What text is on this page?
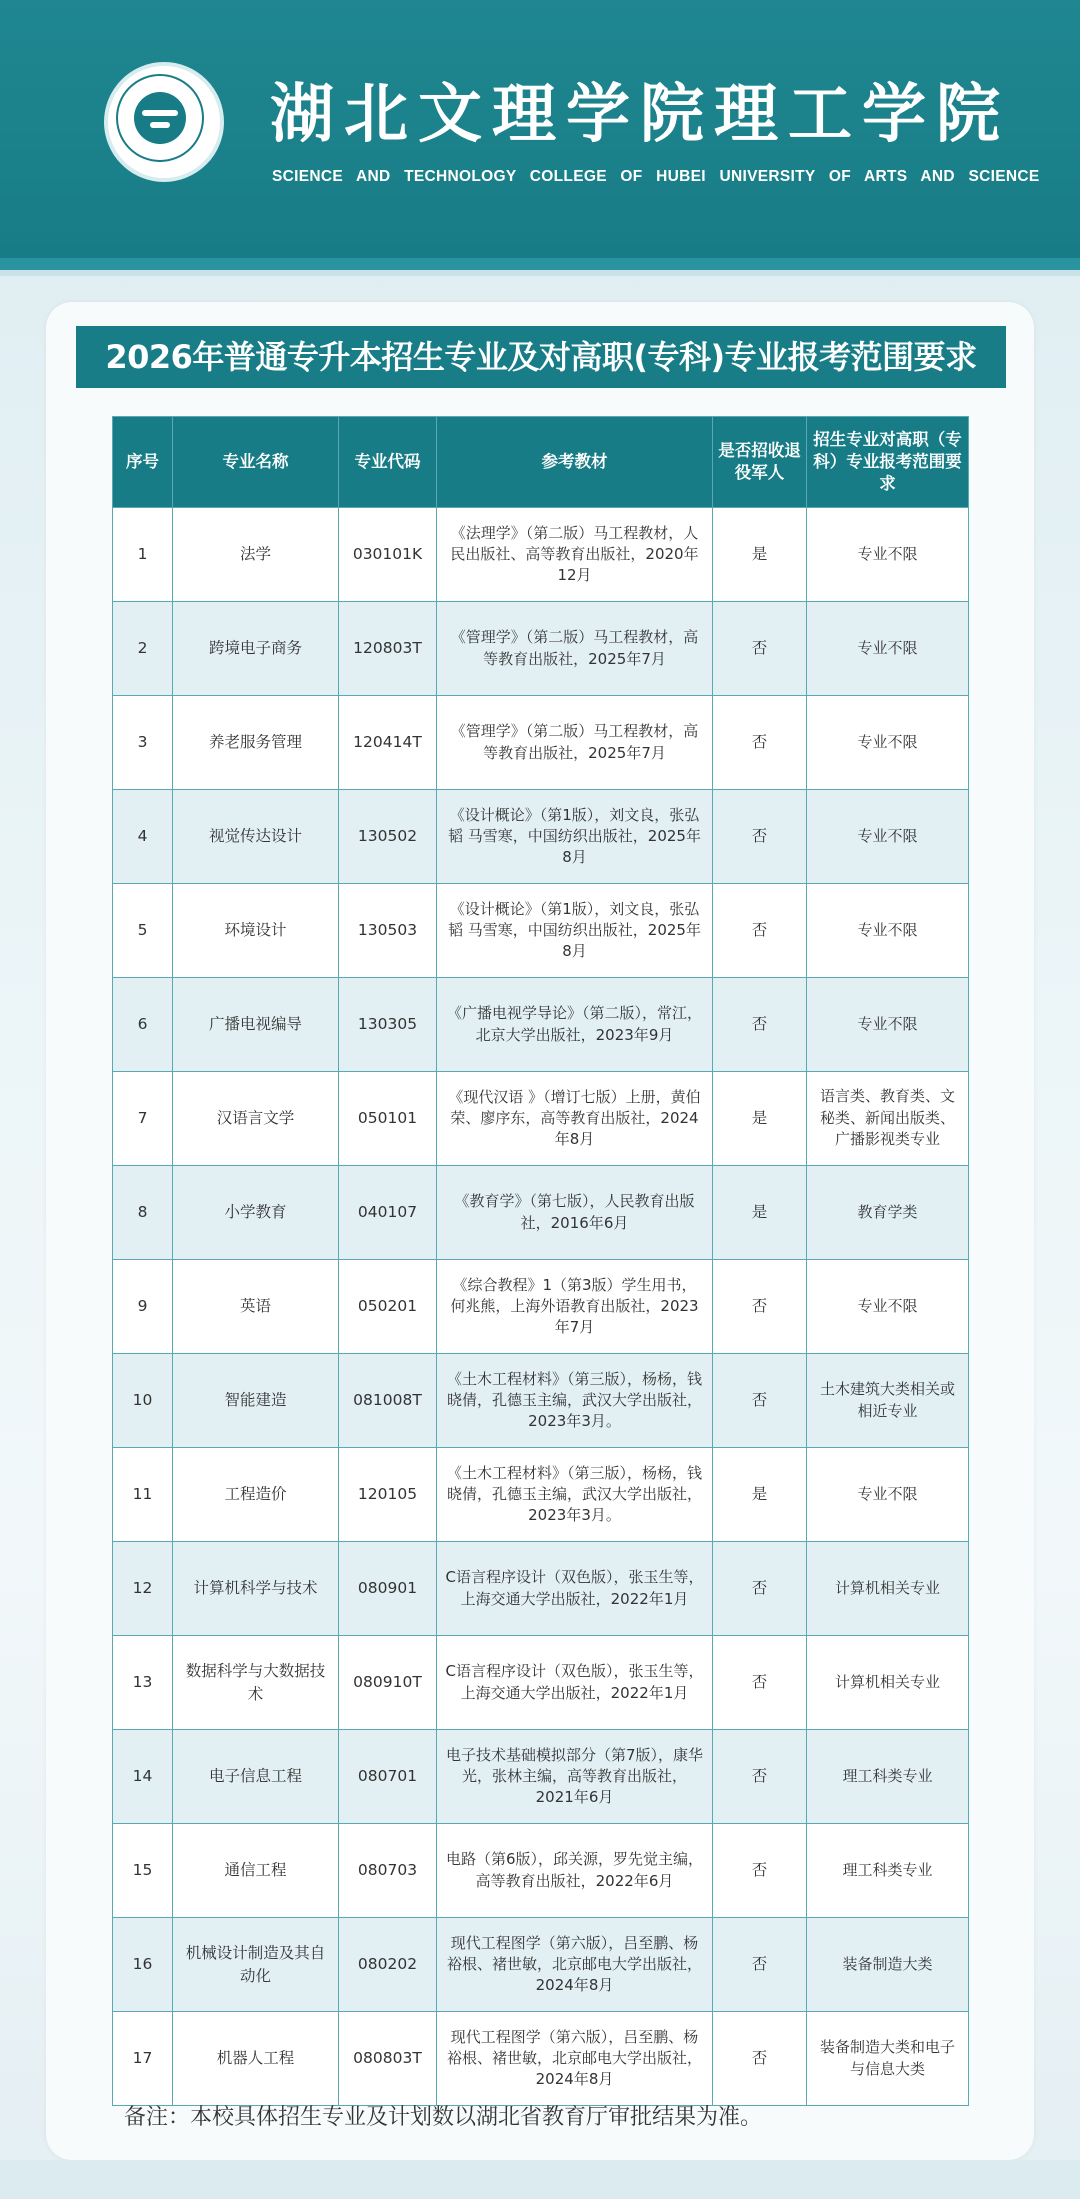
湖北文理学院理工学院
SCIENCE AND TECHNOLOGY COLLEGE OF HUBEI UNIVERSITY OF ARTS AND SCIENCE
2026年普通专升本招生专业及对高职(专科)专业报考范围要求
序号	专业名称	专业代码	参考教材	是否招收退役军人	招生专业对高职（专科）专业报考范围要求
1	法学	030101K	《法理学》（第二版）马工程教材，人民出版社、高等教育出版社，2020年12月	是	专业不限
2	跨境电子商务	120803T	《管理学》（第二版）马工程教材，高等教育出版社，2025年7月	否	专业不限
3	养老服务管理	120414T	《管理学》（第二版）马工程教材，高等教育出版社，2025年7月	否	专业不限
4	视觉传达设计	130502	《设计概论》（第1版），刘文良，张弘韬 马雪寒，中国纺织出版社，2025年8月	否	专业不限
5	环境设计	130503	《设计概论》（第1版），刘文良，张弘韬 马雪寒，中国纺织出版社，2025年8月	否	专业不限
6	广播电视编导	130305	《广播电视学导论》（第二版），常江，北京大学出版社，2023年9月	否	专业不限
7	汉语言文学	050101	《现代汉语 》（增订七版）上册，黄伯荣、廖序东，高等教育出版社，2024年8月	是	语言类、教育类、文秘类、新闻出版类、广播影视类专业
8	小学教育	040107	《教育学》（第七版），人民教育出版社，2016年6月	是	教育学类
9	英语	050201	《综合教程》1（第3版）学生用书，何兆熊，上海外语教育出版社，2023年7月	否	专业不限
10	智能建造	081008T	《土木工程材料》（第三版），杨杨，钱晓倩，孔德玉主编，武汉大学出版社，2023年3月。	否	土木建筑大类相关或相近专业
11	工程造价	120105	《土木工程材料》（第三版），杨杨，钱晓倩，孔德玉主编，武汉大学出版社，2023年3月。	是	专业不限
12	计算机科学与技术	080901	C语言程序设计（双色版），张玉生等，上海交通大学出版社，2022年1月	否	计算机相关专业
13	数据科学与大数据技术	080910T	C语言程序设计（双色版），张玉生等，上海交通大学出版社，2022年1月	否	计算机相关专业
14	电子信息工程	080701	电子技术基础模拟部分（第7版），康华光，张林主编，高等教育出版社，2021年6月	否	理工科类专业
15	通信工程	080703	电路（第6版），邱关源，罗先觉主编，高等教育出版社，2022年6月	否	理工科类专业
16	机械设计制造及其自动化	080202	现代工程图学（第六版），吕至鹏、杨裕根、褚世敏，北京邮电大学出版社，2024年8月	否	装备制造大类
17	机器人工程	080803T	现代工程图学（第六版），吕至鹏、杨裕根、褚世敏，北京邮电大学出版社，2024年8月	否	装备制造大类和电子与信息大类
备注：本校具体招生专业及计划数以湖北省教育厅审批结果为准。
